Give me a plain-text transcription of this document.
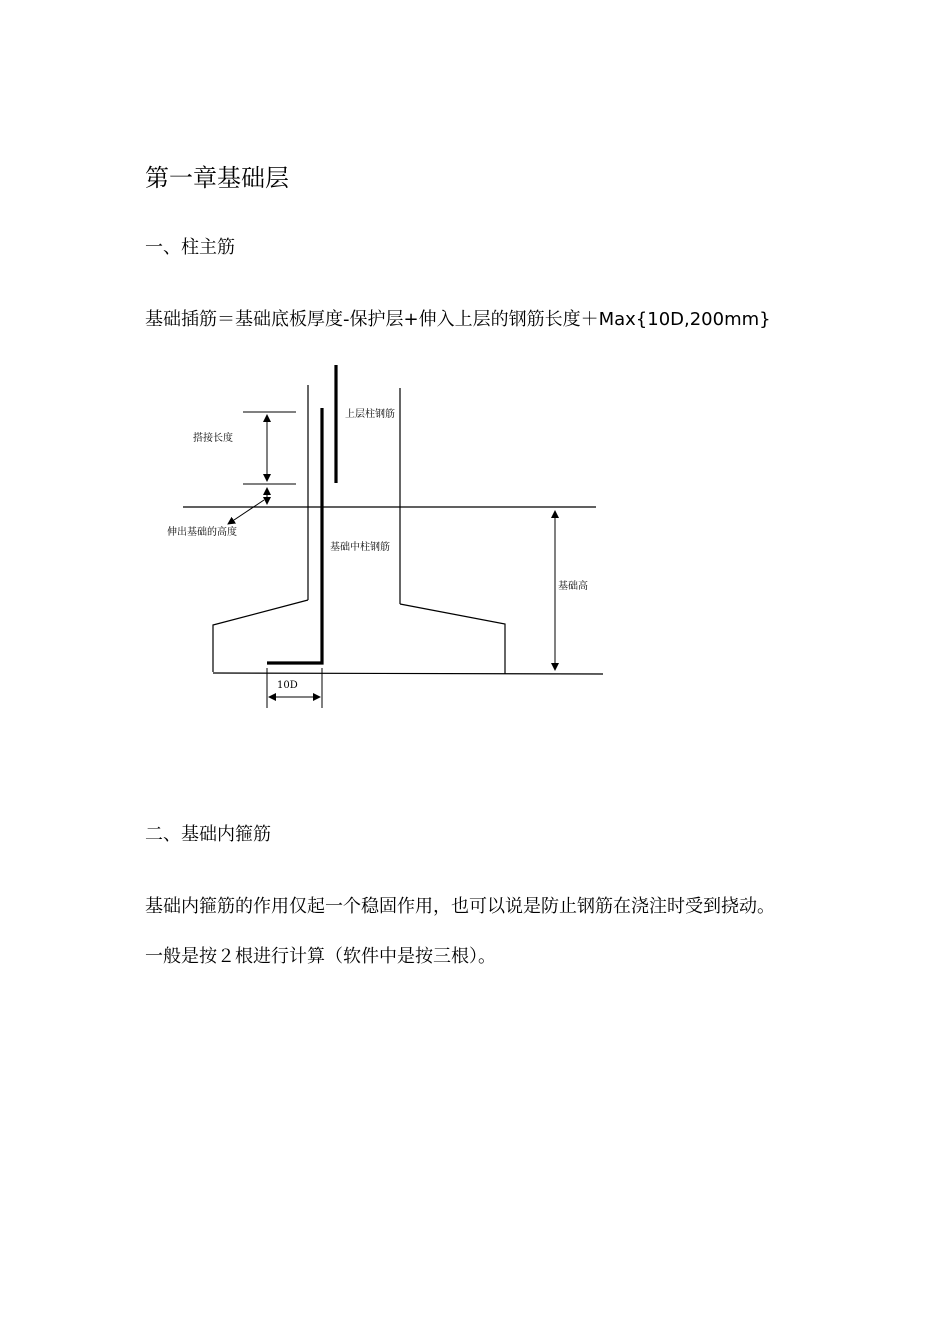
第一章基础层
一、柱主筋
基础插筋＝基础底板厚度-保护层+伸入上层的钢筋长度＋Max{10D,200mm}
搭接长度
上层柱钢筋
伸出基础的高度
基础中柱钢筋
基础高
10D
二、基础内箍筋
基础内箍筋的作用仅起一个稳固作用，也可以说是防止钢筋在浇注时受到挠动。
一般是按２根进行计算（软件中是按三根）。
